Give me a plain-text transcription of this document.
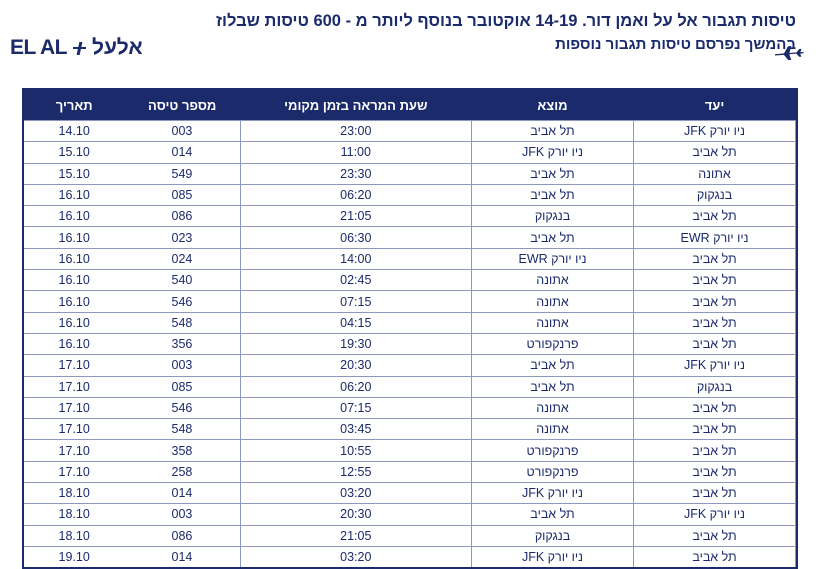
טיסות תגבור אל על ואמן דור. 14-19 אוקטובר בנוסף ליותר מ - 600 טיסות שבלוז
בהמשך נפרסם טיסות תגבור נוספות
EL AL אלעל
יעד	מוצא	שעת המראה בזמן מקומי	מספר טיסה	תאריך
ניו יורק JFK	תל אביב	23:00	003	14.10
תל אביב	ניו יורק JFK	11:00	014	15.10
אתונה	תל אביב	23:30	549	15.10
בנגקוק	תל אביב	06:20	085	16.10
תל אביב	בנגקוק	21:05	086	16.10
ניו יורק EWR	תל אביב	06:30	023	16.10
תל אביב	ניו יורק EWR	14:00	024	16.10
תל אביב	אתונה	02:45	540	16.10
תל אביב	אתונה	07:15	546	16.10
תל אביב	אתונה	04:15	548	16.10
תל אביב	פרנקפורט	19:30	356	16.10
ניו יורק JFK	תל אביב	20:30	003	17.10
בנגקוק	תל אביב	06:20	085	17.10
תל אביב	אתונה	07:15	546	17.10
תל אביב	אתונה	03:45	548	17.10
תל אביב	פרנקפורט	10:55	358	17.10
תל אביב	פרנקפורט	12:55	258	17.10
תל אביב	ניו יורק JFK	03:20	014	18.10
ניו יורק JFK	תל אביב	20:30	003	18.10
תל אביב	בנגקוק	21:05	086	18.10
תל אביב	ניו יורק JFK	03:20	014	19.10
